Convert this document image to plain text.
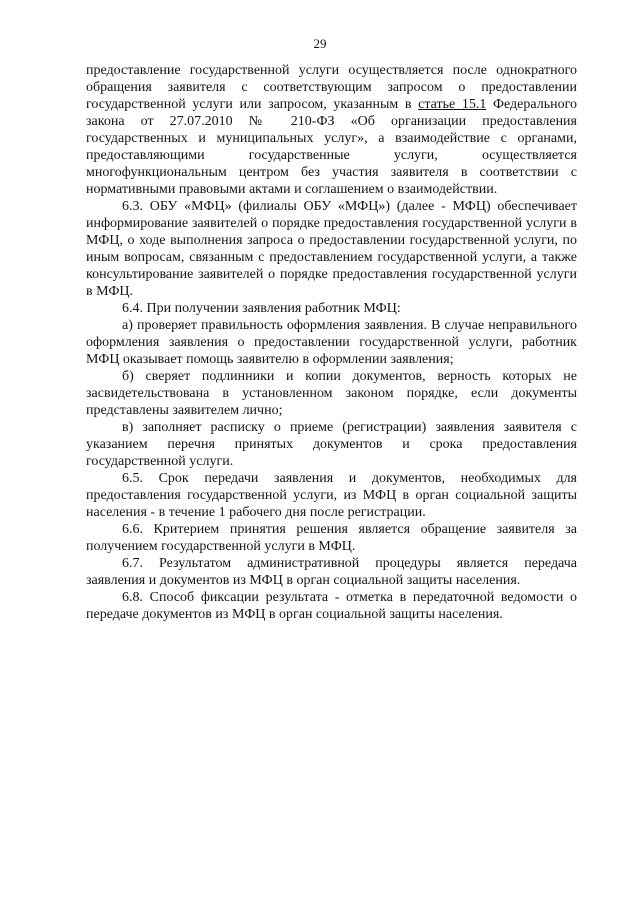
29

предоставление государственной услуги осуществляется после однократного обращения заявителя с соответствующим запросом о предоставлении государственной услуги или запросом, указанным в статье 15.1 Федерального закона от 27.07.2010 № 210-ФЗ «Об организации предоставления государственных и муниципальных услуг», а взаимодействие с органами, предоставляющими государственные услуги, осуществляется многофункциональным центром без участия заявителя в соответствии с нормативными правовыми актами и соглашением о взаимодействии.

6.3. ОБУ «МФЦ» (филиалы ОБУ «МФЦ») (далее - МФЦ) обеспечивает информирование заявителей о порядке предоставления государственной услуги в МФЦ, о ходе выполнения запроса о предоставлении государственной услуги, по иным вопросам, связанным с предоставлением государственной услуги, а также консультирование заявителей о порядке предоставления государственной услуги в МФЦ.

6.4. При получении заявления работник МФЦ:

а) проверяет правильность оформления заявления. В случае неправильного оформления заявления о предоставлении государственной услуги, работник МФЦ оказывает помощь заявителю в оформлении заявления;

б) сверяет подлинники и копии документов, верность которых не засвидетельствована в установленном законом порядке, если документы представлены заявителем лично;

в) заполняет расписку о приеме (регистрации) заявления заявителя с указанием перечня принятых документов и срока предоставления государственной услуги.

6.5. Срок передачи заявления и документов, необходимых для предоставления государственной услуги, из МФЦ в орган социальной защиты населения - в течение 1 рабочего дня после регистрации.

6.6. Критерием принятия решения является обращение заявителя за получением государственной услуги в МФЦ.

6.7. Результатом административной процедуры является передача заявления и документов из МФЦ в орган социальной защиты населения.

6.8. Способ фиксации результата - отметка в передаточной ведомости о передаче документов из МФЦ в орган социальной защиты населения.
